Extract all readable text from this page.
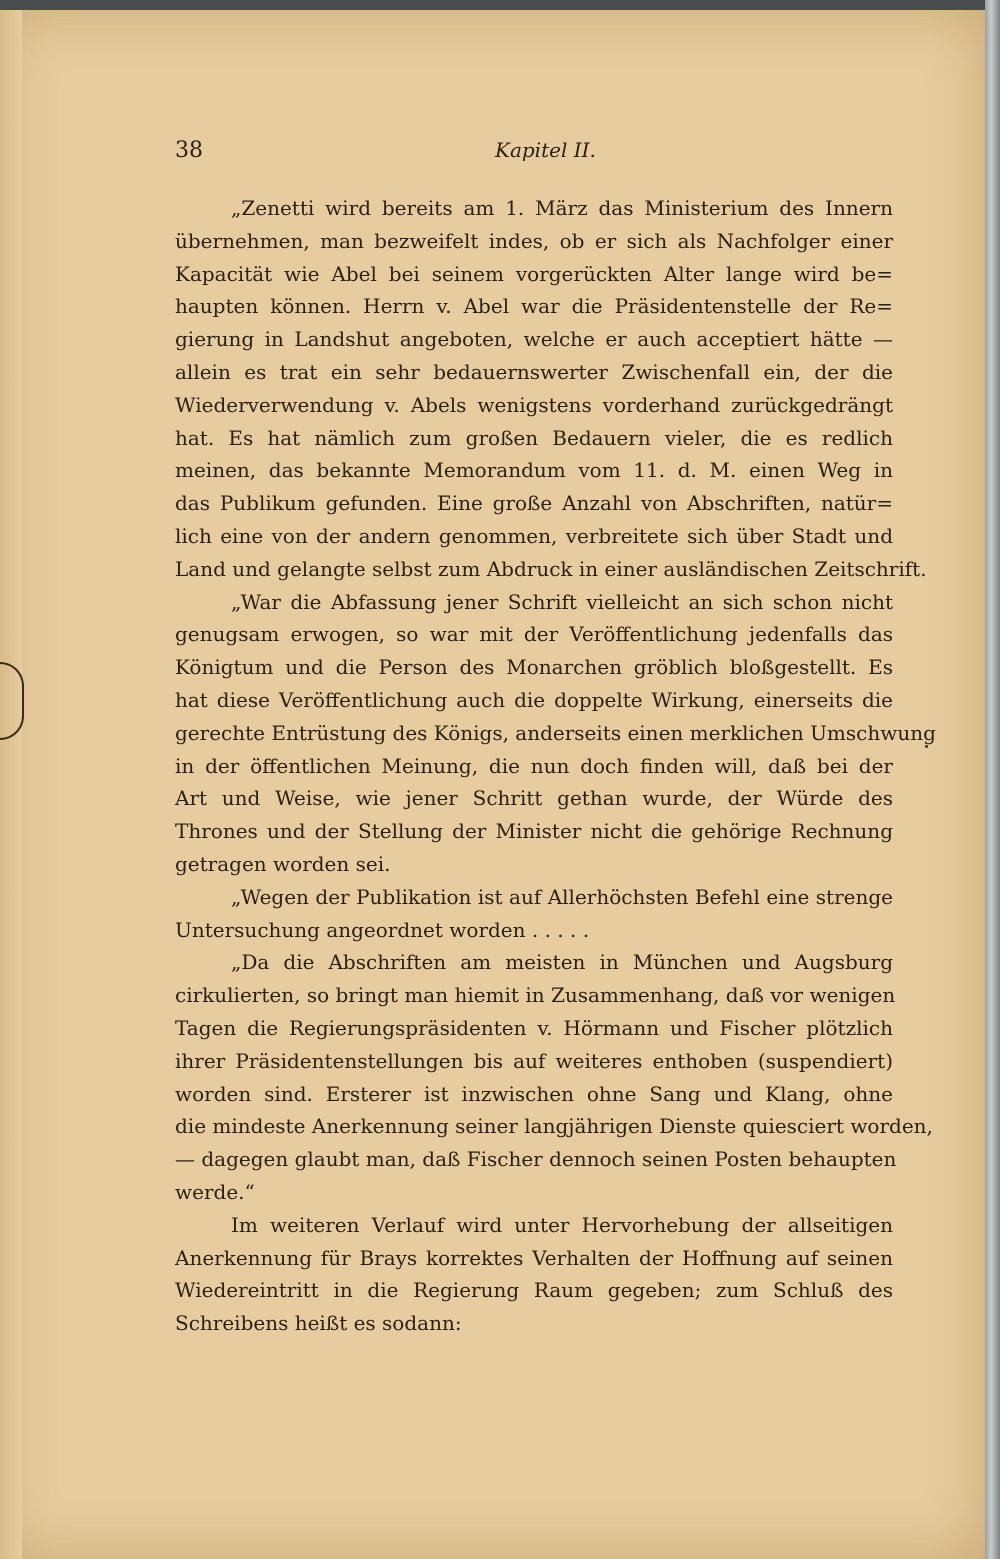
38	Kapitel II.
„Zenetti wird bereits am 1. März das Ministerium des Innern
übernehmen, man bezweifelt indes, ob er sich als Nachfolger einer
Kapacität wie Abel bei seinem vorgerückten Alter lange wird be=
haupten können. Herrn v. Abel war die Präsidentenstelle der Re=
gierung in Landshut angeboten, welche er auch acceptiert hätte —
allein es trat ein sehr bedauernswerter Zwischenfall ein, der die
Wiederverwendung v. Abels wenigstens vorderhand zurückgedrängt
hat. Es hat nämlich zum großen Bedauern vieler, die es redlich
meinen, das bekannte Memorandum vom 11. d. M. einen Weg in
das Publikum gefunden. Eine große Anzahl von Abschriften, natür=
lich eine von der andern genommen, verbreitete sich über Stadt und
Land und gelangte selbst zum Abdruck in einer ausländischen Zeitschrift.
„War die Abfassung jener Schrift vielleicht an sich schon nicht
genugsam erwogen, so war mit der Veröffentlichung jedenfalls das
Königtum und die Person des Monarchen gröblich bloßgestellt. Es
hat diese Veröffentlichung auch die doppelte Wirkung, einerseits die
gerechte Entrüstung des Königs, anderseits einen merklichen Umschwung
in der öffentlichen Meinung, die nun doch finden will, daß bei der
Art und Weise, wie jener Schritt gethan wurde, der Würde des
Thrones und der Stellung der Minister nicht die gehörige Rechnung
getragen worden sei.
„Wegen der Publikation ist auf Allerhöchsten Befehl eine strenge
Untersuchung angeordnet worden . . . . .
„Da die Abschriften am meisten in München und Augsburg
cirkulierten, so bringt man hiemit in Zusammenhang, daß vor wenigen
Tagen die Regierungspräsidenten v. Hörmann und Fischer plötzlich
ihrer Präsidentenstellungen bis auf weiteres enthoben (suspendiert)
worden sind. Ersterer ist inzwischen ohne Sang und Klang, ohne
die mindeste Anerkennung seiner langjährigen Dienste quiesciert worden,
— dagegen glaubt man, daß Fischer dennoch seinen Posten behaupten
werde.“
Im weiteren Verlauf wird unter Hervorhebung der allseitigen
Anerkennung für Brays korrektes Verhalten der Hoffnung auf seinen
Wiedereintritt in die Regierung Raum gegeben; zum Schluß des
Schreibens heißt es sodann:
